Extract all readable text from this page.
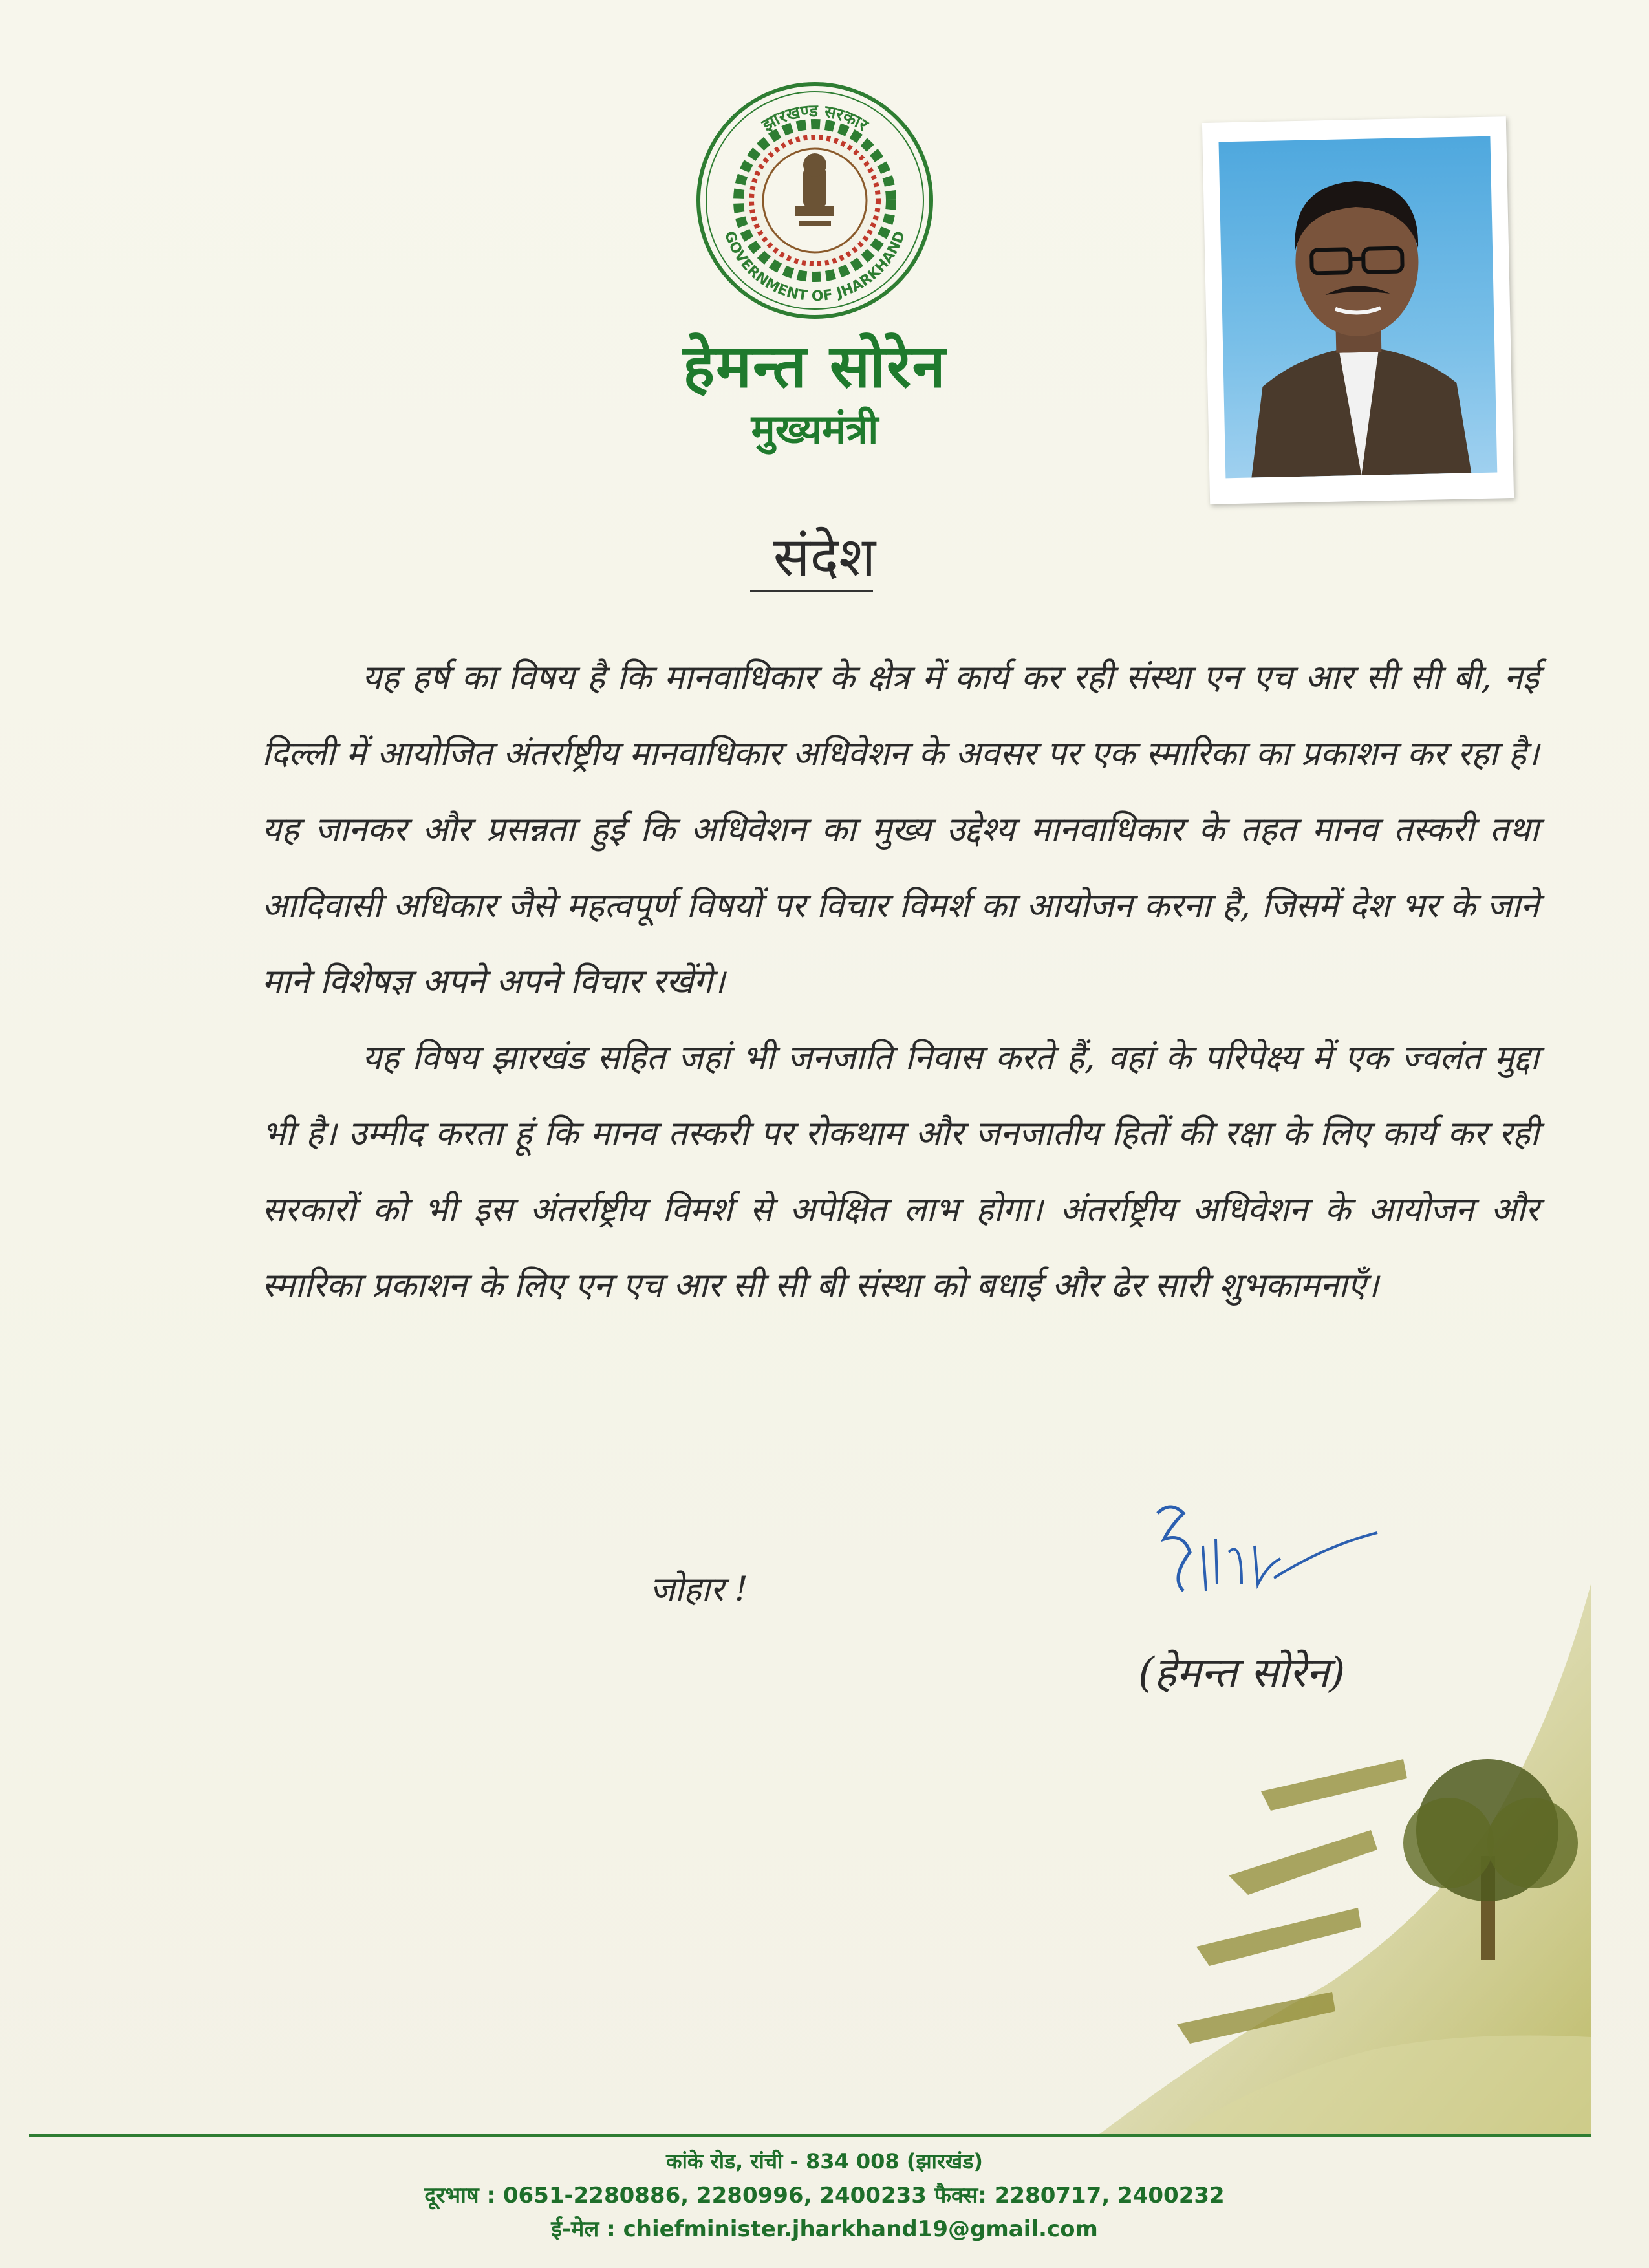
झारखण्ड सरकार
GOVERNMENT OF JHARKHAND
हेमन्त सोरेन
मुख्यमंत्री
संदेश

यह हर्ष का विषय है कि मानवाधिकार के क्षेत्र में कार्य कर रही संस्था एन एच आर सी सी बी, नई दिल्ली में आयोजित अंतर्राष्ट्रीय मानवाधिकार अधिवेशन के अवसर पर एक स्मारिका का प्रकाशन कर रहा है। यह जानकर और प्रसन्नता हुई कि अधिवेशन का मुख्य उद्देश्य मानवाधिकार के तहत मानव तस्करी तथा आदिवासी अधिकार जैसे महत्वपूर्ण विषयों पर विचार विमर्श का आयोजन करना है, जिसमें देश भर के जाने माने विशेषज्ञ अपने अपने विचार रखेंगे।

यह विषय झारखंड सहित जहां भी जनजाति निवास करते हैं, वहां के परिपेक्ष्य में एक ज्वलंत मुद्दा भी है। उम्मीद करता हूं कि मानव तस्करी पर रोकथाम और जनजातीय हितों की रक्षा के लिए कार्य कर रही सरकारों को भी इस अंतर्राष्ट्रीय विमर्श से अपेक्षित लाभ होगा। अंतर्राष्ट्रीय अधिवेशन के आयोजन और स्मारिका प्रकाशन के लिए एन एच आर सी सी बी संस्था को बधाई और ढेर सारी शुभकामनाएँ।

जोहार !
(हेमन्त सोरेन)
कांके रोड, रांची - 834 008 (झारखंड)
दूरभाष : 0651-2280886, 2280996, 2400233 फैक्स: 2280717, 2400232
ई-मेल : chiefminister.jharkhand19@gmail.com
